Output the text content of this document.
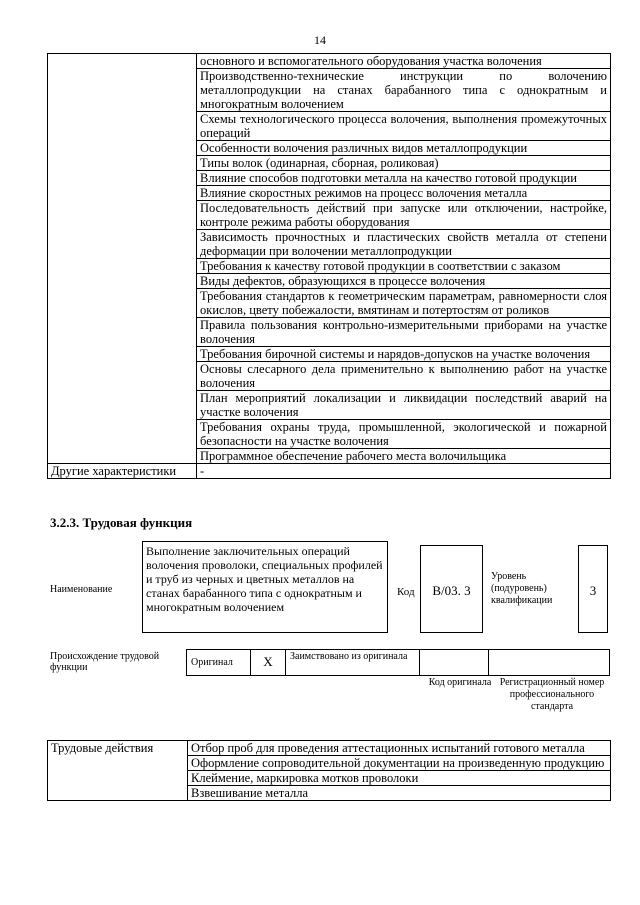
14
	основного и вспомогательного оборудования участка волочения
	Производственно-технические инструкции по волочению металлопродукции на станах барабанного типа с однократным и многократным волочением
	Схемы технологического процесса волочения, выполнения промежуточных операций
	Особенности волочения различных видов металлопродукции
	Типы волок (одинарная, сборная, роликовая)
	Влияние способов подготовки металла на качество готовой продукции
	Влияние скоростных режимов на процесс волочения металла
	Последовательность действий при запуске или отключении, настройке, контроле режима работы оборудования
	Зависимость прочностных и пластических свойств металла от степени деформации при волочении металлопродукции
	Требования к качеству готовой продукции в соответствии с заказом
	Виды дефектов, образующихся в процессе волочения
	Требования стандартов к геометрическим параметрам, равномерности слоя окислов, цвету побежалости, вмятинам и потертостям от роликов
	Правила пользования контрольно-измерительными приборами на участке волочения
	Требования бирочной системы и нарядов-допусков на участке волочения
	Основы слесарного дела применительно к выполнению работ на участке волочения
	План мероприятий локализации и ликвидации последствий аварий на участке волочения
	Требования охраны труда, промышленной, экологической и пожарной безопасности на участке волочения
	Программное обеспечение рабочего места волочильщика
Другие характеристики	-
3.2.3. Трудовая функция
Наименование
Выполнение заключительных операций волочения проволоки, специальных профилей и труб из черных и цветных металлов на станах барабанного типа с однократным и многократным волочением
Код	B/03. 3
Уровень (подуровень) квалификации
3
Происхождение трудовой функции	Оригинал	X	Заимствовано из оригинала		
Код оригинала Регистрационный номер профессионального стандарта
Трудовые действия	Отбор проб для проведения аттестационных испытаний готового металла
Оформление сопроводительной документации на произведенную продукцию
Клеймение, маркировка мотков проволоки
Взвешивание металла
